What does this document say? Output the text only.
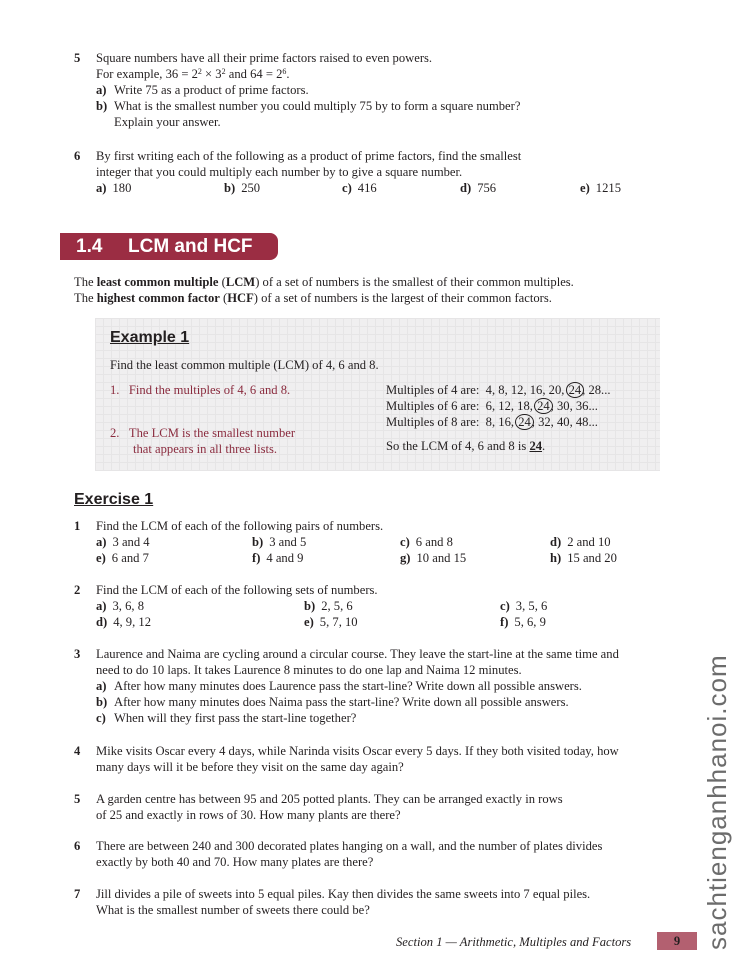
5 Square numbers have all their prime factors raised to even powers.
For example, $36 = 2^2 \times 3^2$ and $64 = 2^6$.
a) Write 75 as a product of prime factors.
b) What is the smallest number you could multiply 75 by to form a square number?
Explain your answer.
6 By first writing each of the following as a product of prime factors, find the smallest
integer that you could multiply each number by to give a square number.
a) 180	b) 250	c) 416	d) 756	e) 1215
1.4 LCM and HCF
The least common multiple (LCM) of a set of numbers is the smallest of their common multiples.
The highest common factor (HCF) of a set of numbers is the largest of their common factors.
Example 1
Find the least common multiple (LCM) of 4, 6 and 8.
1.   Find the multiples of 4, 6 and 8.
2.   The LCM is the smallest number
that appears in all three lists.
Multiples of 4 are:  4, 8, 12, 16, 20, 24, 28...
Multiples of 6 are:  6, 12, 18, 24, 30, 36...
Multiples of 8 are:  8, 16, 24, 32, 40, 48...
So the LCM of 4, 6 and 8 is 24.
Exercise 1
1 Find the LCM of each of the following pairs of numbers.
a) 3 and 4	b) 3 and 5	c) 6 and 8	d) 2 and 10
e) 6 and 7	f) 4 and 9	g) 10 and 15	h) 15 and 20
2 Find the LCM of each of the following sets of numbers.
a) 3, 6, 8	b) 2, 5, 6	c) 3, 5, 6
d) 4, 9, 12	e) 5, 7, 10	f) 5, 6, 9
3 Laurence and Naima are cycling around a circular course. They leave the start-line at the same time and
need to do 10 laps. It takes Laurence 8 minutes to do one lap and Naima 12 minutes.
a) After how many minutes does Laurence pass the start-line? Write down all possible answers.
b) After how many minutes does Naima pass the start-line? Write down all possible answers.
c) When will they first pass the start-line together?
4 Mike visits Oscar every 4 days, while Narinda visits Oscar every 5 days. If they both visited today, how
many days will it be before they visit on the same day again?
5 A garden centre has between 95 and 205 potted plants. They can be arranged exactly in rows
of 25 and exactly in rows of 30. How many plants are there?
6 There are between 240 and 300 decorated plates hanging on a wall, and the number of plates divides
exactly by both 40 and 70. How many plates are there?
7 Jill divides a pile of sweets into 5 equal piles. Kay then divides the same sweets into 7 equal piles.
What is the smallest number of sweets there could be?
Section 1 — Arithmetic, Multiples and Factors	9 sachtienganhhanoi.com
